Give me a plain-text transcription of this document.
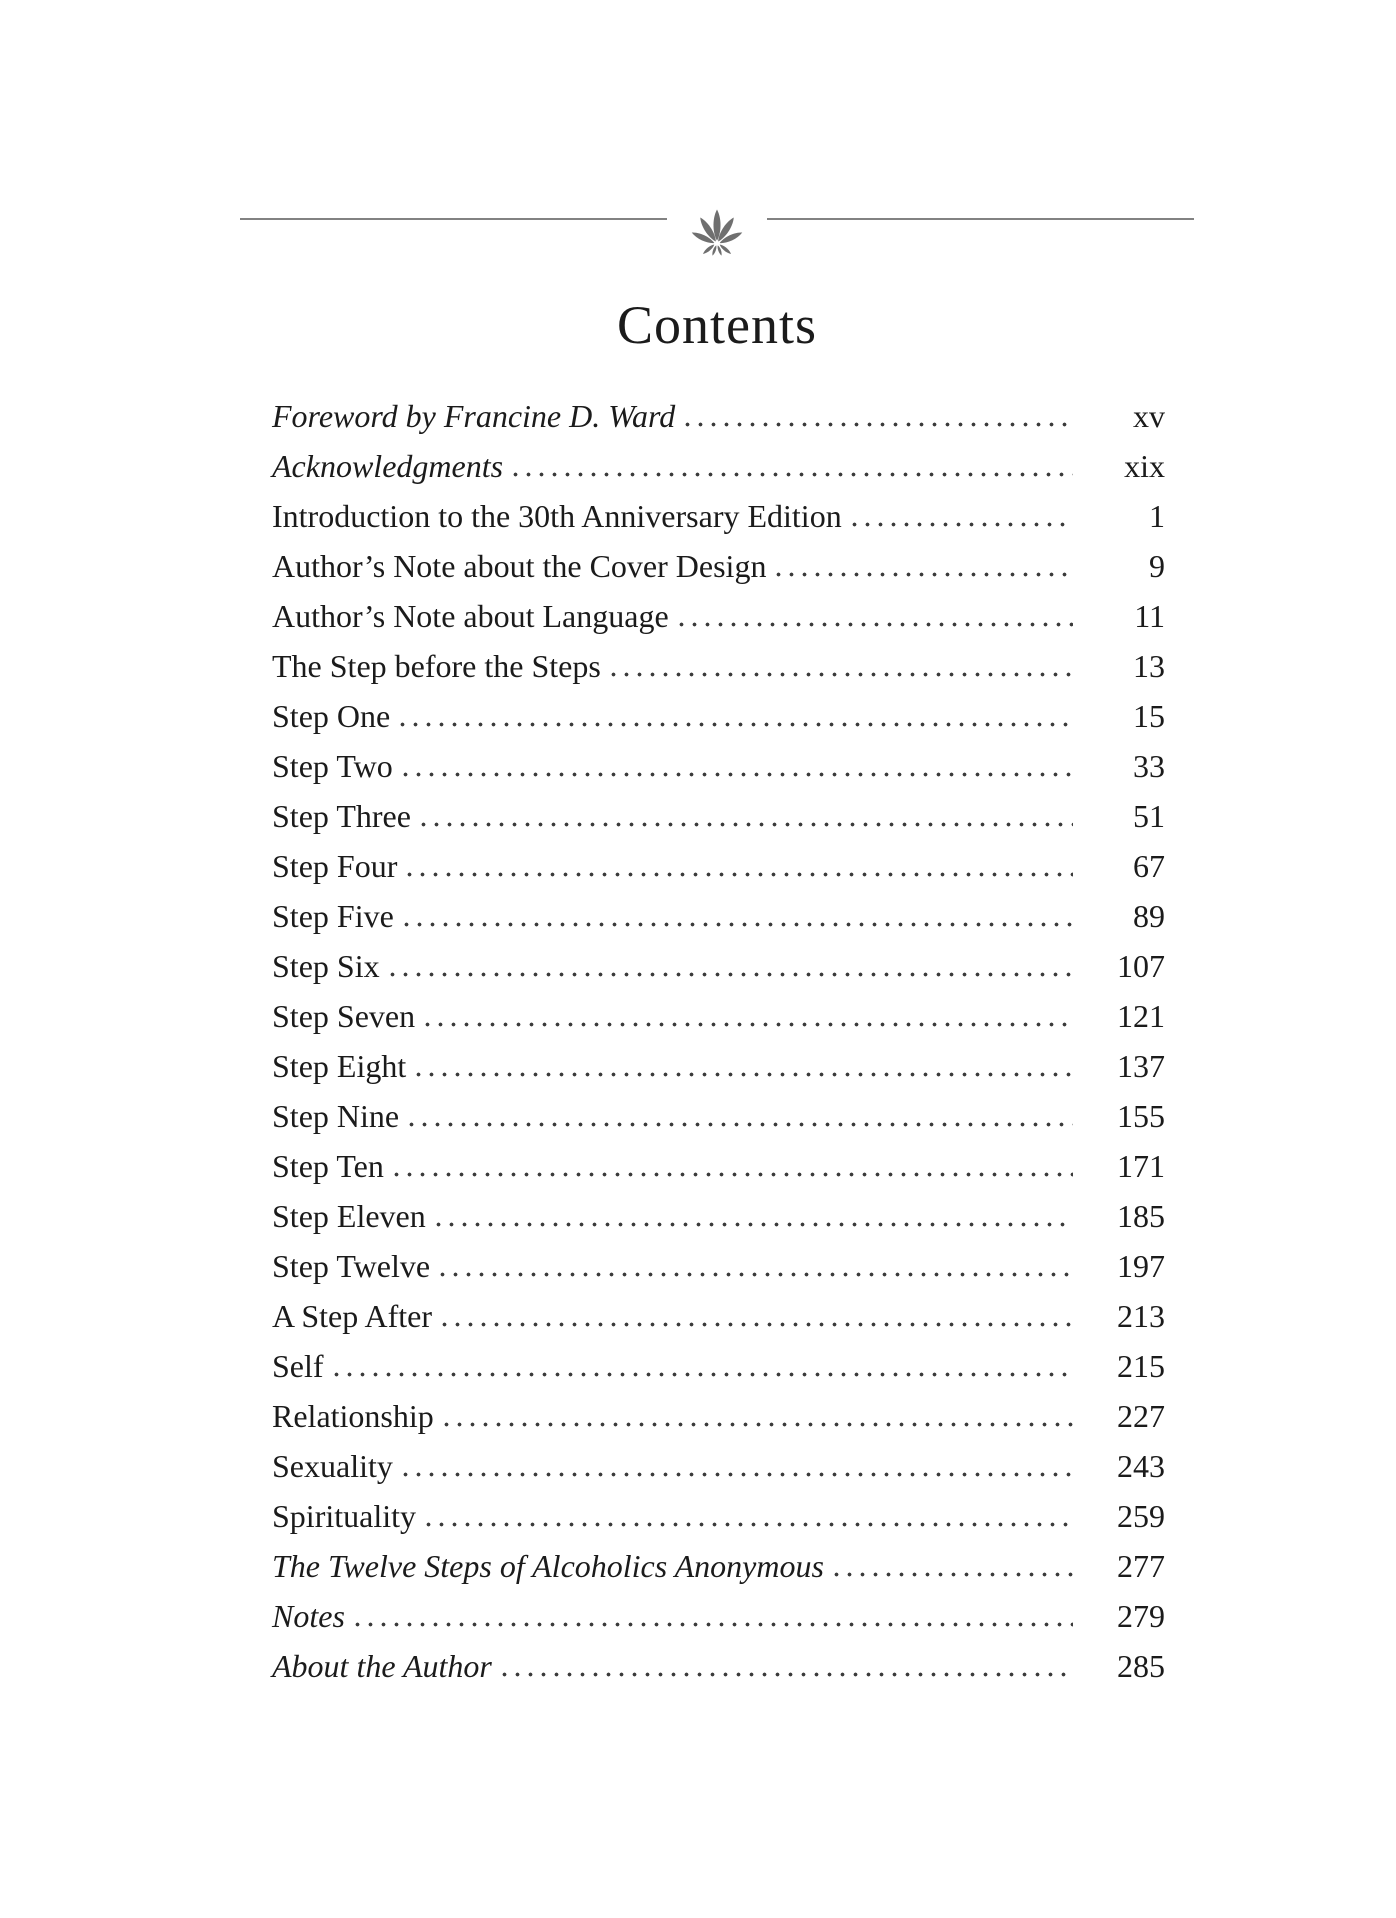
Contents
Foreword by Francine D. Ward	xv
Acknowledgments	xix
Introduction to the 30th Anniversary Edition	1
Author’s Note about the Cover Design	9
Author’s Note about Language	11
The Step before the Steps	13
Step One	15
Step Two	33
Step Three	51
Step Four	67
Step Five	89
Step Six	107
Step Seven	121
Step Eight	137
Step Nine	155
Step Ten	171
Step Eleven	185
Step Twelve	197
A Step After	213
Self	215
Relationship	227
Sexuality	243
Spirituality	259
The Twelve Steps of Alcoholics Anonymous	277
Notes	279
About the Author	285
